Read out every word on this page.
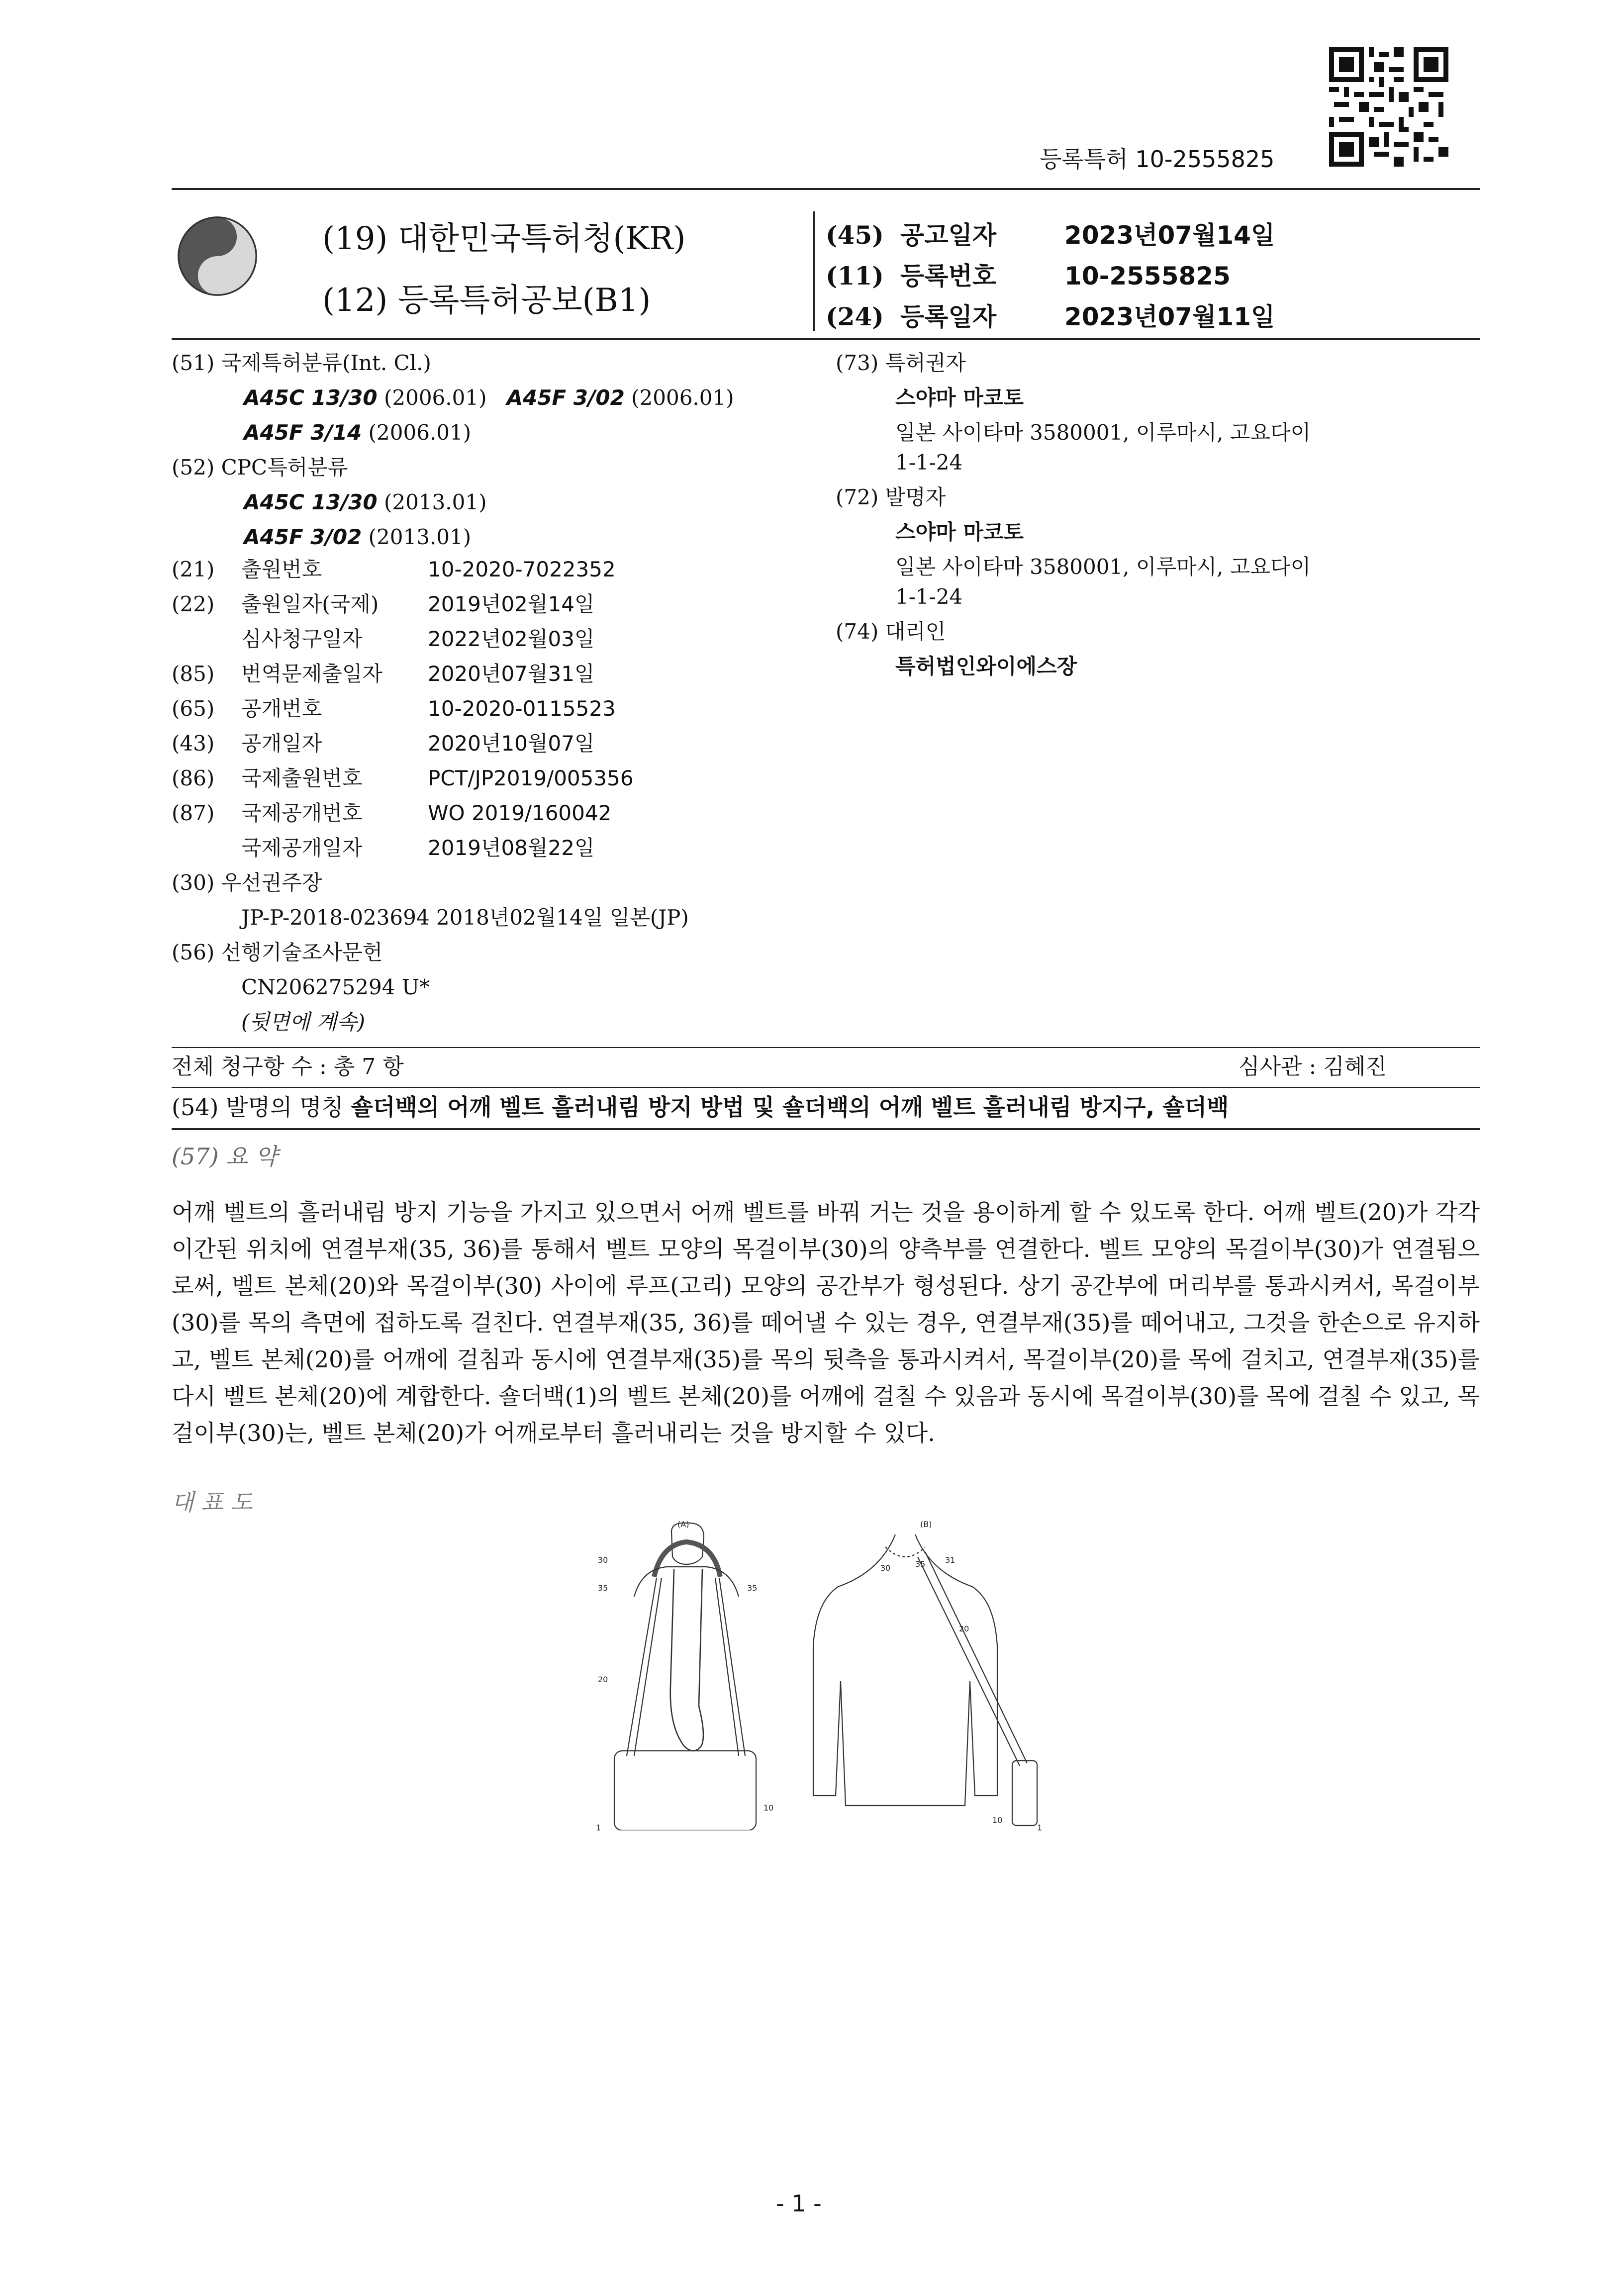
등록특허 10-2555825
(19) 대한민국특허청(KR)
(12) 등록특허공보(B1)
(45) 공고일자	2023년07월14일
(11) 등록번호	10-2555825
(24) 등록일자	2023년07월11일
(51) 국제특허분류(Int. Cl.)
A45C 13/30 (2006.01) A45F 3/02 (2006.01)
A45F 3/14 (2006.01)
(52) CPC특허분류
A45C 13/30 (2013.01)
A45F 3/02 (2013.01)
(21) 출원번호	10-2020-7022352
(22) 출원일자(국제) 2019년02월14일
심사청구일자	2022년02월03일
(85) 번역문제출일자 2020년07월31일
(65) 공개번호	10-2020-0115523
(43) 공개일자	2020년10월07일
(86) 국제출원번호	PCT/JP2019/005356
(87) 국제공개번호	WO 2019/160042
국제공개일자	2019년08월22일
(30) 우선권주장
JP-P-2018-023694 2018년02월14일 일본(JP)
(56) 선행기술조사문헌
CN206275294 U*
(뒷면에 계속)
(73) 특허권자
스야마 마코토
일본 사이타마 3580001, 이루마시, 고요다이
1-1-24
(72) 발명자
스야마 마코토
일본 사이타마 3580001, 이루마시, 고요다이
1-1-24
(74) 대리인
특허법인와이에스장
전체 청구항 수 : 총 7 항	심사관 : 김혜진
(54) 발명의 명칭 숄더백의 어깨 벨트 흘러내림 방지 방법 및 숄더백의 어깨 벨트 흘러내림 방지구, 숄더백
(57) 요 약

어깨 벨트의 흘러내림 방지 기능을 가지고 있으면서 어깨 벨트를 바꿔 거는 것을 용이하게 할 수 있도록 한다. 어깨 벨트(20)가 각각 이간된 위치에 연결부재(35, 36)를 통해서 벨트 모양의 목걸이부(30)의 양측부를 연결한다. 벨트 모양의 목걸이부(30)가 연결됨으로써, 벨트 본체(20)와 목걸이부(30) 사이에 루프(고리) 모양의 공간부가 형성된다. 상기 공간부에 머리부를 통과시켜서, 목걸이부(30)를 목의 측면에 접하도록 걸친다. 연결부재(35, 36)를 떼어낼 수 있는 경우, 연결부재(35)를 떼어내고, 그것을 한손으로 유지하고, 벨트 본체(20)를 어깨에 걸침과 동시에 연결부재(35)를 목의 뒷측을 통과시켜서, 목걸이부(20)를 목에 걸치고, 연결부재(35)를 다시 벨트 본체(20)에 계합한다. 숄더백(1)의 벨트 본체(20)를 어깨에 걸칠 수 있음과 동시에 목걸이부(30)를 목에 걸칠 수 있고, 목걸이부(30)는, 벨트 본체(20)가 어깨로부터 흘러내리는 것을 방지할 수 있다.

대 표 도
(A)
30
35	35
20
10
1
(B)
30	35 31
20
10
1
- 1 -
